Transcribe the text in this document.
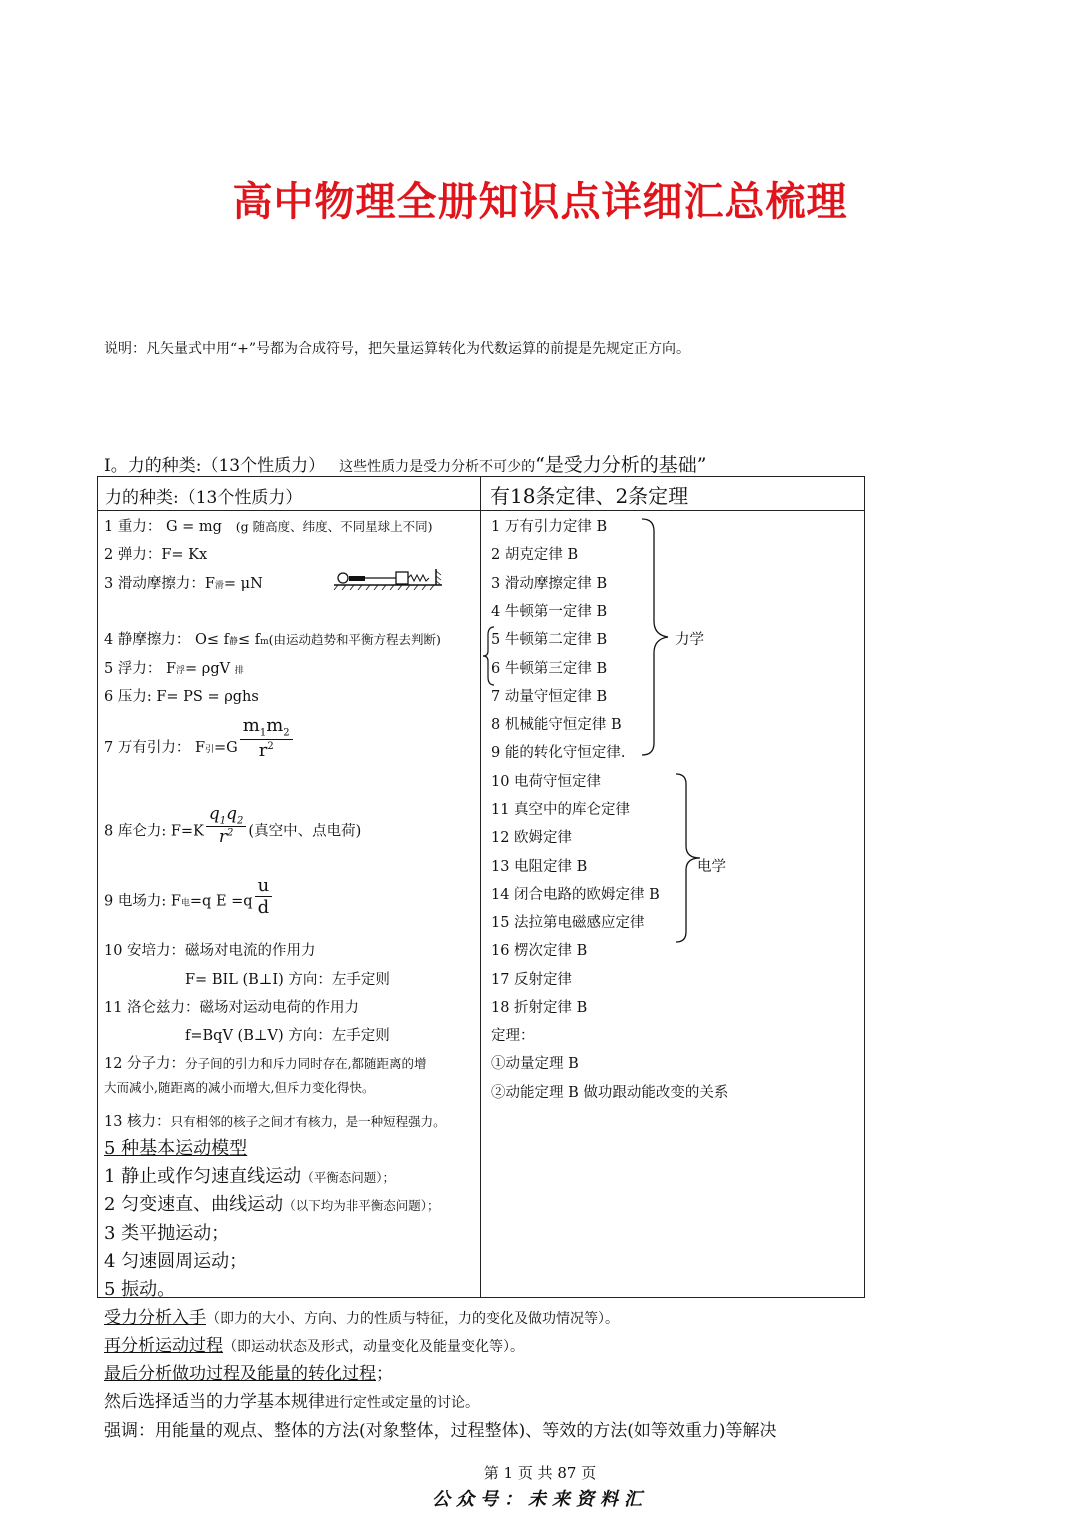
高中物理全册知识点详细汇总梳理
说明：凡矢量式中用“+”号都为合成符号，把矢量运算转化为代数运算的前提是先规定正方向。
Ⅰ。力的种类:（13个性质力） 这些性质力是受力分析不可少的“是受力分析的基础”
力的种类:（13个性质力）	有18条定律、2条定理
1 重力： G = mg (g 随高度、纬度、不同星球上不同)
2 弹力：F= Kx
3 滑动摩擦力：F滑= μN
4 静摩擦力： O≤ f静≤ fm(由运动趋势和平衡方程去判断)
5 浮力： F浮= ρgV 排
6 压力: F= PS = ρghs
7 万有引力： F引$=G \frac{m_1m_2}{r^2}$
8 库仑力: $F=K \frac{q_1q_2}{r^2}$ (真空中、点电荷)
9 电场力: F电=q $E =q \frac{u}{d}$
10 安培力：磁场对电流的作用力
F= BIL (B⊥I) 方向：左手定则
11 洛仑兹力：磁场对运动电荷的作用力
f=BqV (B⊥V) 方向：左手定则
12 分子力：分子间的引力和斥力同时存在,都随距离的增
大而减小,随距离的减小而增大,但斥力变化得快。
13 核力：只有相邻的核子之间才有核力，是一种短程强力。
5 种基本运动模型
1 静止或作匀速直线运动（平衡态问题）；
2 匀变速直、曲线运动（以下均为非平衡态问题）；
3 类平抛运动；
4 匀速圆周运动；
5 振动。
1 万有引力定律 B
2 胡克定律 B
3 滑动摩擦定律 B
4 牛顿第一定律 B
5 牛顿第二定律 B
6 牛顿第三定律 B
7 动量守恒定律 B
8 机械能守恒定律 B
9 能的转化守恒定律.
10 电荷守恒定律
11 真空中的库仑定律
12 欧姆定律
13 电阻定律 B
14 闭合电路的欧姆定律 B
15 法拉第电磁感应定律
16 楞次定律 B
17 反射定律
18 折射定律 B
定理：
①动量定理 B
②动能定理 B 做功跟动能改变的关系
力学
电学
受力分析入手（即力的大小、方向、力的性质与特征，力的变化及做功情况等）。
再分析运动过程（即运动状态及形式，动量变化及能量变化等）。
最后分析做功过程及能量的转化过程；
然后选择适当的力学基本规律进行定性或定量的讨论。
强调：用能量的观点、整体的方法(对象整体，过程整体)、等效的方法(如等效重力)等解决
第 1 页 共 87 页
公众号：未来资料汇
